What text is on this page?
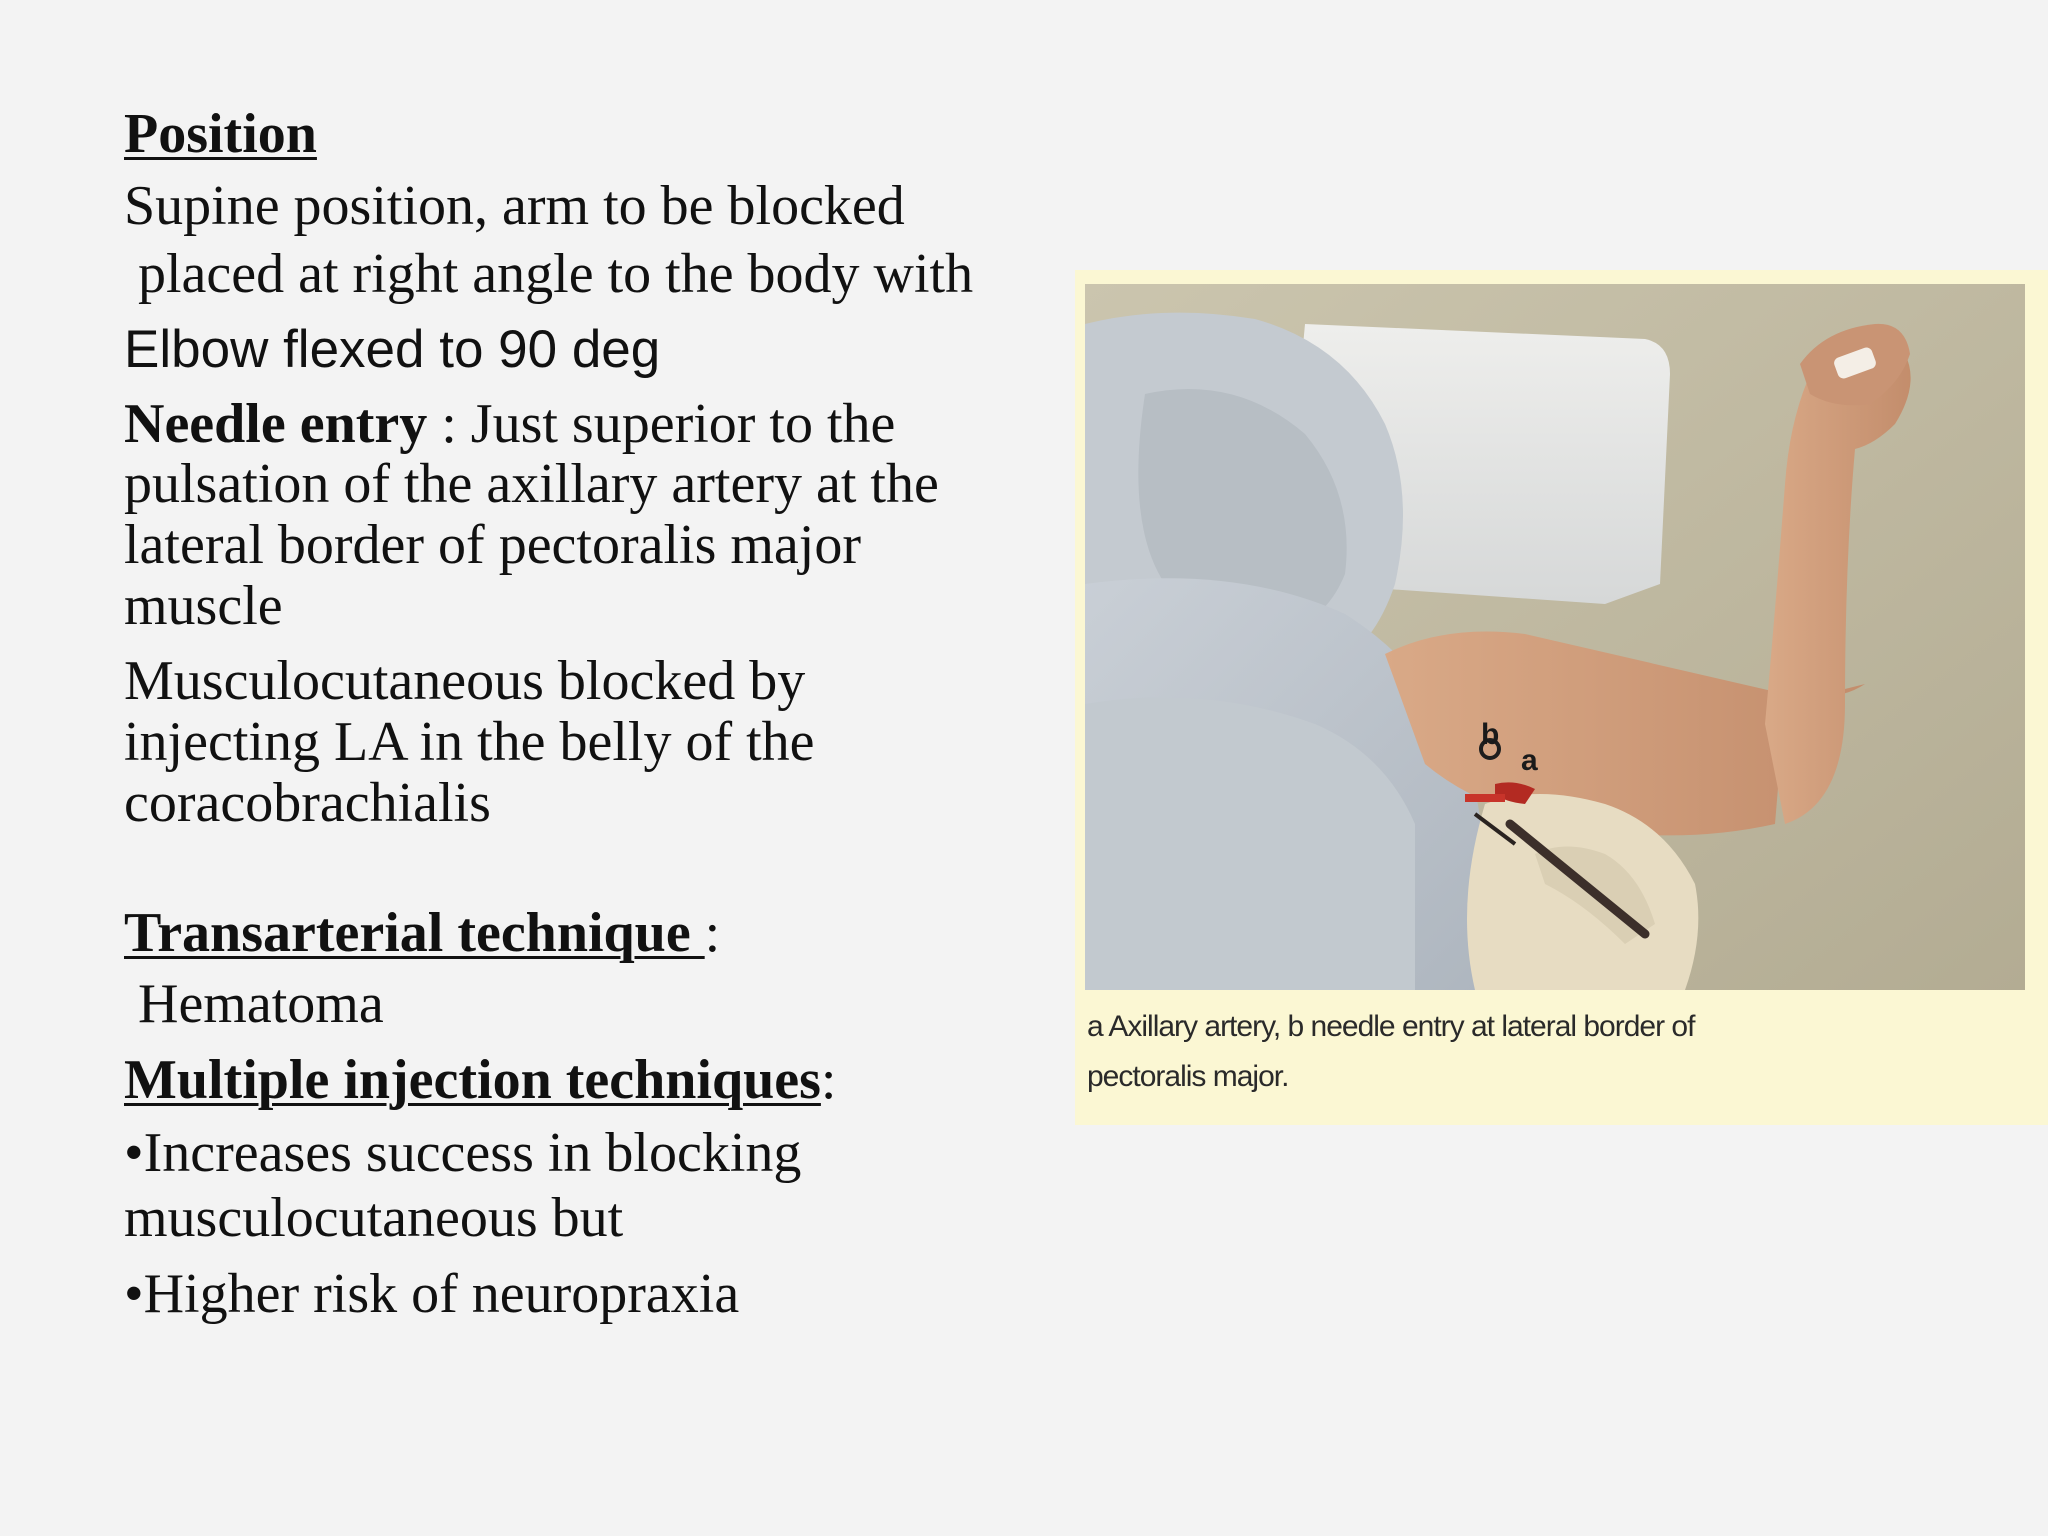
Position
Supine position, arm to be blocked
placed at right angle to the body with
Elbow flexed to 90 deg
Needle entry : Just superior to the
pulsation of the axillary artery at the
lateral border of pectoralis major
muscle
Musculocutaneous blocked by
injecting LA in the belly of the
coracobrachialis
Transarterial technique :
Hematoma
Multiple injection techniques:
•Increases success in blocking
musculocutaneous but
•Higher risk of neuropraxia
b
a
a Axillary artery, b needle entry at lateral border of
pectoralis major.
